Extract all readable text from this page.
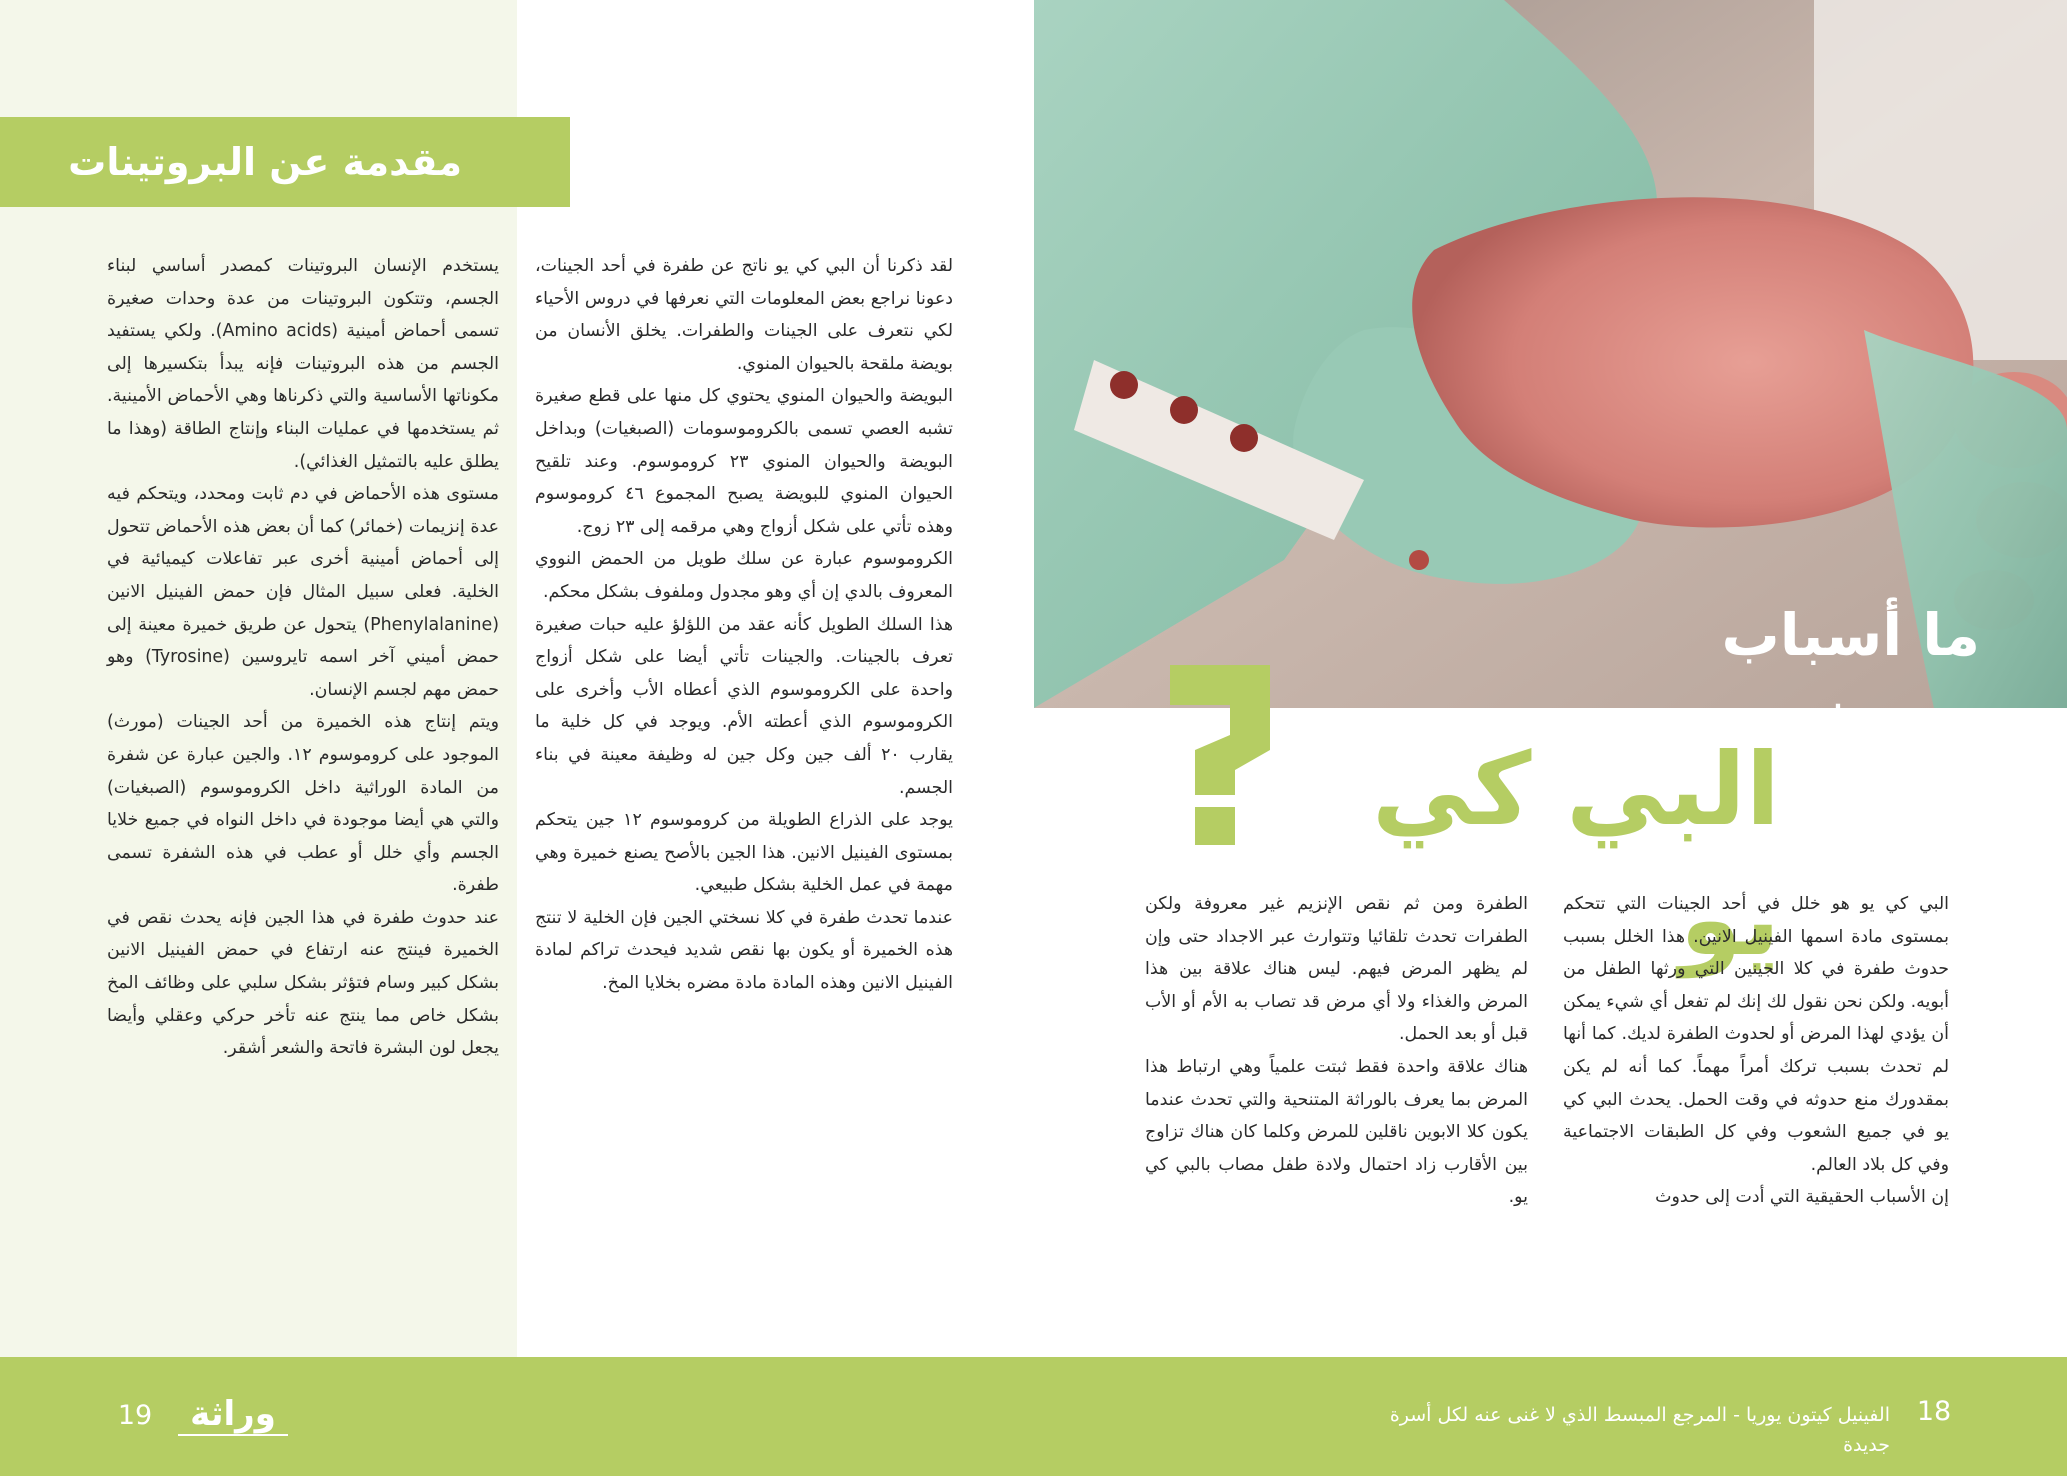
مقدمة عن البروتينات

يستخدم الإنسان البروتينات كمصدر أساسي لبناء الجسم، وتتكون البروتينات من عدة وحدات صغيرة تسمى أحماض أمينية (Amino acids). ولكي يستفيد الجسم من هذه البروتينات فإنه يبدأ بتكسيرها إلى مكوناتها الأساسية والتي ذكرناها وهي الأحماض الأمينية. ثم يستخدمها في عمليات البناء وإنتاج الطاقة (وهذا ما يطلق عليه بالتمثيل الغذائي).

مستوى هذه الأحماض في دم ثابت ومحدد، ويتحكم فيه عدة إنزيمات (خمائر) كما أن بعض هذه الأحماض تتحول إلى أحماض أمينية أخرى عبر تفاعلات كيميائية في الخلية. فعلى سبيل المثال فإن حمض الفينيل الانين (Phenylalanine) يتحول عن طريق خميرة معينة إلى حمض أميني آخر اسمه تايروسين (Tyrosine) وهو حمض مهم لجسم الإنسان.

ويتم إنتاج هذه الخميرة من أحد الجينات (مورث) الموجود على كروموسوم ١٢. والجين عبارة عن شفرة من المادة الوراثية داخل الكروموسوم (الصبغيات) والتي هي أيضا موجودة في داخل النواه في جميع خلايا الجسم وأي خلل أو عطب في هذه الشفرة تسمى طفرة.

عند حدوث طفرة في هذا الجين فإنه يحدث نقص في الخميرة فينتج عنه ارتفاع في حمض الفينيل الانين بشكل كبير وسام فتؤثر بشكل سلبي على وظائف المخ بشكل خاص مما ينتج عنه تأخر حركي وعقلي وأيضا يجعل لون البشرة فاتحة والشعر أشقر.

لقد ذكرنا أن البي كي يو ناتج عن طفرة في أحد الجينات، دعونا نراجع بعض المعلومات التي نعرفها في دروس الأحياء لكي نتعرف على الجينات والطفرات. يخلق الأنسان من بويضة ملقحة بالحيوان المنوي.

البويضة والحيوان المنوي يحتوي كل منها على قطع صغيرة تشبه العصي تسمى بالكروموسومات (الصبغيات) وبداخل البويضة والحيوان المنوي ٢٣ كروموسوم. وعند تلقيح الحيوان المنوي للبويضة يصبح المجموع ٤٦ كروموسوم وهذه تأتي على شكل أزواج وهي مرقمه إلى ٢٣ زوج.

الكروموسوم عبارة عن سلك طويل من الحمض النووي المعروف بالدي إن أي وهو مجدول وملفوف بشكل محكم.

هذا السلك الطويل كأنه عقد من اللؤلؤ عليه حبات صغيرة تعرف بالجينات. والجينات تأتي أيضا على شكل أزواج واحدة على الكروموسوم الذي أعطاه الأب وأخرى على الكروموسوم الذي أعطته الأم. ويوجد في كل خلية ما يقارب ٢٠ ألف جين وكل جين له وظيفة معينة في بناء الجسم.

يوجد على الذراع الطويلة من كروموسوم ١٢ جين يتحكم بمستوى الفينيل الانين. هذا الجين بالأصح يصنع خميرة وهي مهمة في عمل الخلية بشكل طبيعي.

عندما تحدث طفرة في كلا نسختي الجين فإن الخلية لا تنتج هذه الخميرة أو يكون بها نقص شديد فيحدث تراكم لمادة الفينيل الانين وهذه المادة مادة مضره بخلايا المخ.

ما أسباب حدوث
البي كي يو

البي كي يو هو خلل في أحد الجينات التي تتحكم بمستوى مادة اسمها الفينيل الانين. هذا الخلل بسبب حدوث طفرة في كلا الجينين التي ورثها الطفل من أبويه. ولكن نحن نقول لك إنك لم تفعل أي شيء يمكن أن يؤدي لهذا المرض أو لحدوث الطفرة لديك. كما أنها لم تحدث بسبب تركك أمراً مهماً. كما أنه لم يكن بمقدورك منع حدوثه في وقت الحمل. يحدث البي كي يو في جميع الشعوب وفي كل الطبقات الاجتماعية وفي كل بلاد العالم.

إن الأسباب الحقيقية التي أدت إلى حدوث

الطفرة ومن ثم نقص الإنزيم غير معروفة ولكن الطفرات تحدث تلقائيا وتتوارث عبر الاجداد حتى وإن لم يظهر المرض فيهم. ليس هناك علاقة بين هذا المرض والغذاء ولا أي مرض قد تصاب به الأم أو الأب قبل أو بعد الحمل.

هناك علاقة واحدة فقط ثبتت علمياً وهي ارتباط هذا المرض بما يعرف بالوراثة المتنحية والتي تحدث عندما يكون كلا الابوين ناقلين للمرض وكلما كان هناك تزاوج بين الأقارب زاد احتمال ولادة طفل مصاب بالبي كي يو.

19 وراثة	الفينيل كيتون يوريا - المرجع المبسط الذي لا غنى عنه لكل أسرة جديدة
18
